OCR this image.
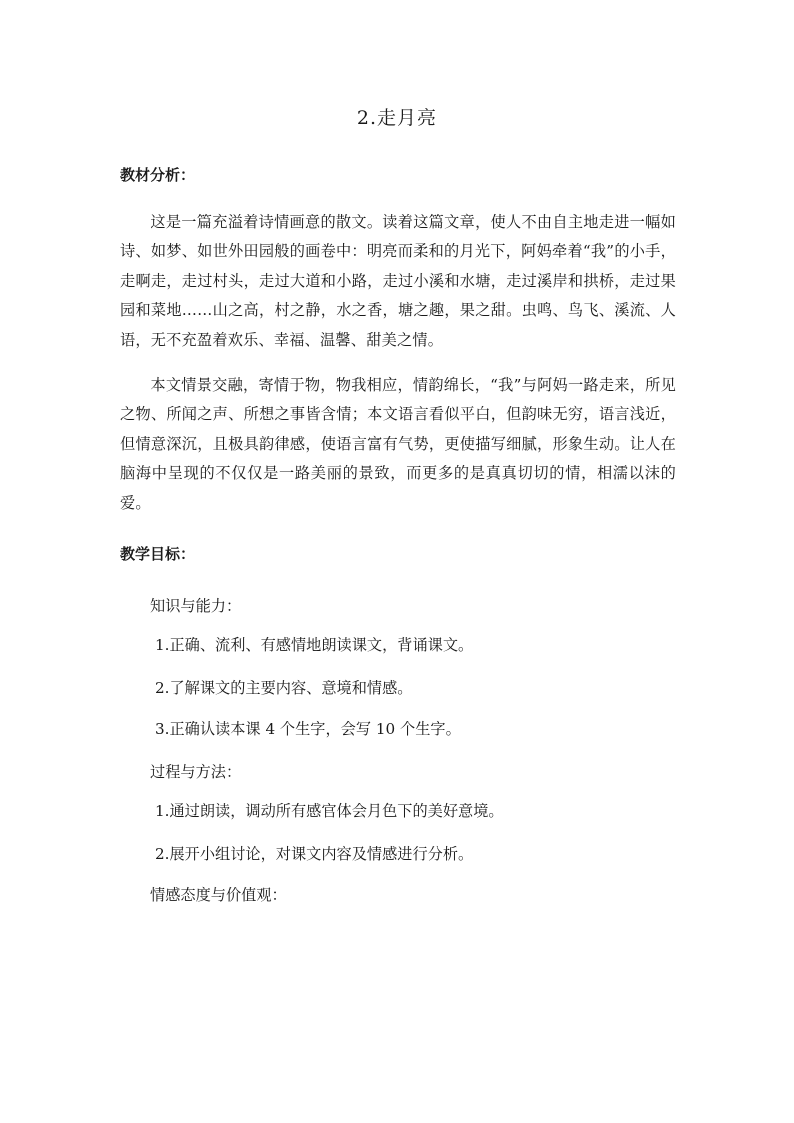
2.走月亮
教材分析：

这是一篇充溢着诗情画意的散文。读着这篇文章，使人不由自主地走进一幅如诗、如梦、如世外田园般的画卷中：明亮而柔和的月光下，阿妈牵着“我”的小手，走啊走，走过村头，走过大道和小路，走过小溪和水塘，走过溪岸和拱桥，走过果园和菜地……山之高，村之静，水之香，塘之趣，果之甜。虫鸣、鸟飞、溪流、人语，无不充盈着欢乐、幸福、温馨、甜美之情。

本文情景交融，寄情于物，物我相应，情韵绵长，“我”与阿妈一路走来，所见之物、所闻之声、所想之事皆含情；本文语言看似平白，但韵味无穷，语言浅近，但情意深沉，且极具韵律感，使语言富有气势，更使描写细腻，形象生动。让人在脑海中呈现的不仅仅是一路美丽的景致，而更多的是真真切切的情，相濡以沫的爱。

教学目标：

知识与能力：

1.正确、流利、有感情地朗读课文，背诵课文。

2.了解课文的主要内容、意境和情感。

3.正确认读本课 4 个生字，会写 10 个生字。

过程与方法：

1.通过朗读，调动所有感官体会月色下的美好意境。

2.展开小组讨论，对课文内容及情感进行分析。

情感态度与价值观：
